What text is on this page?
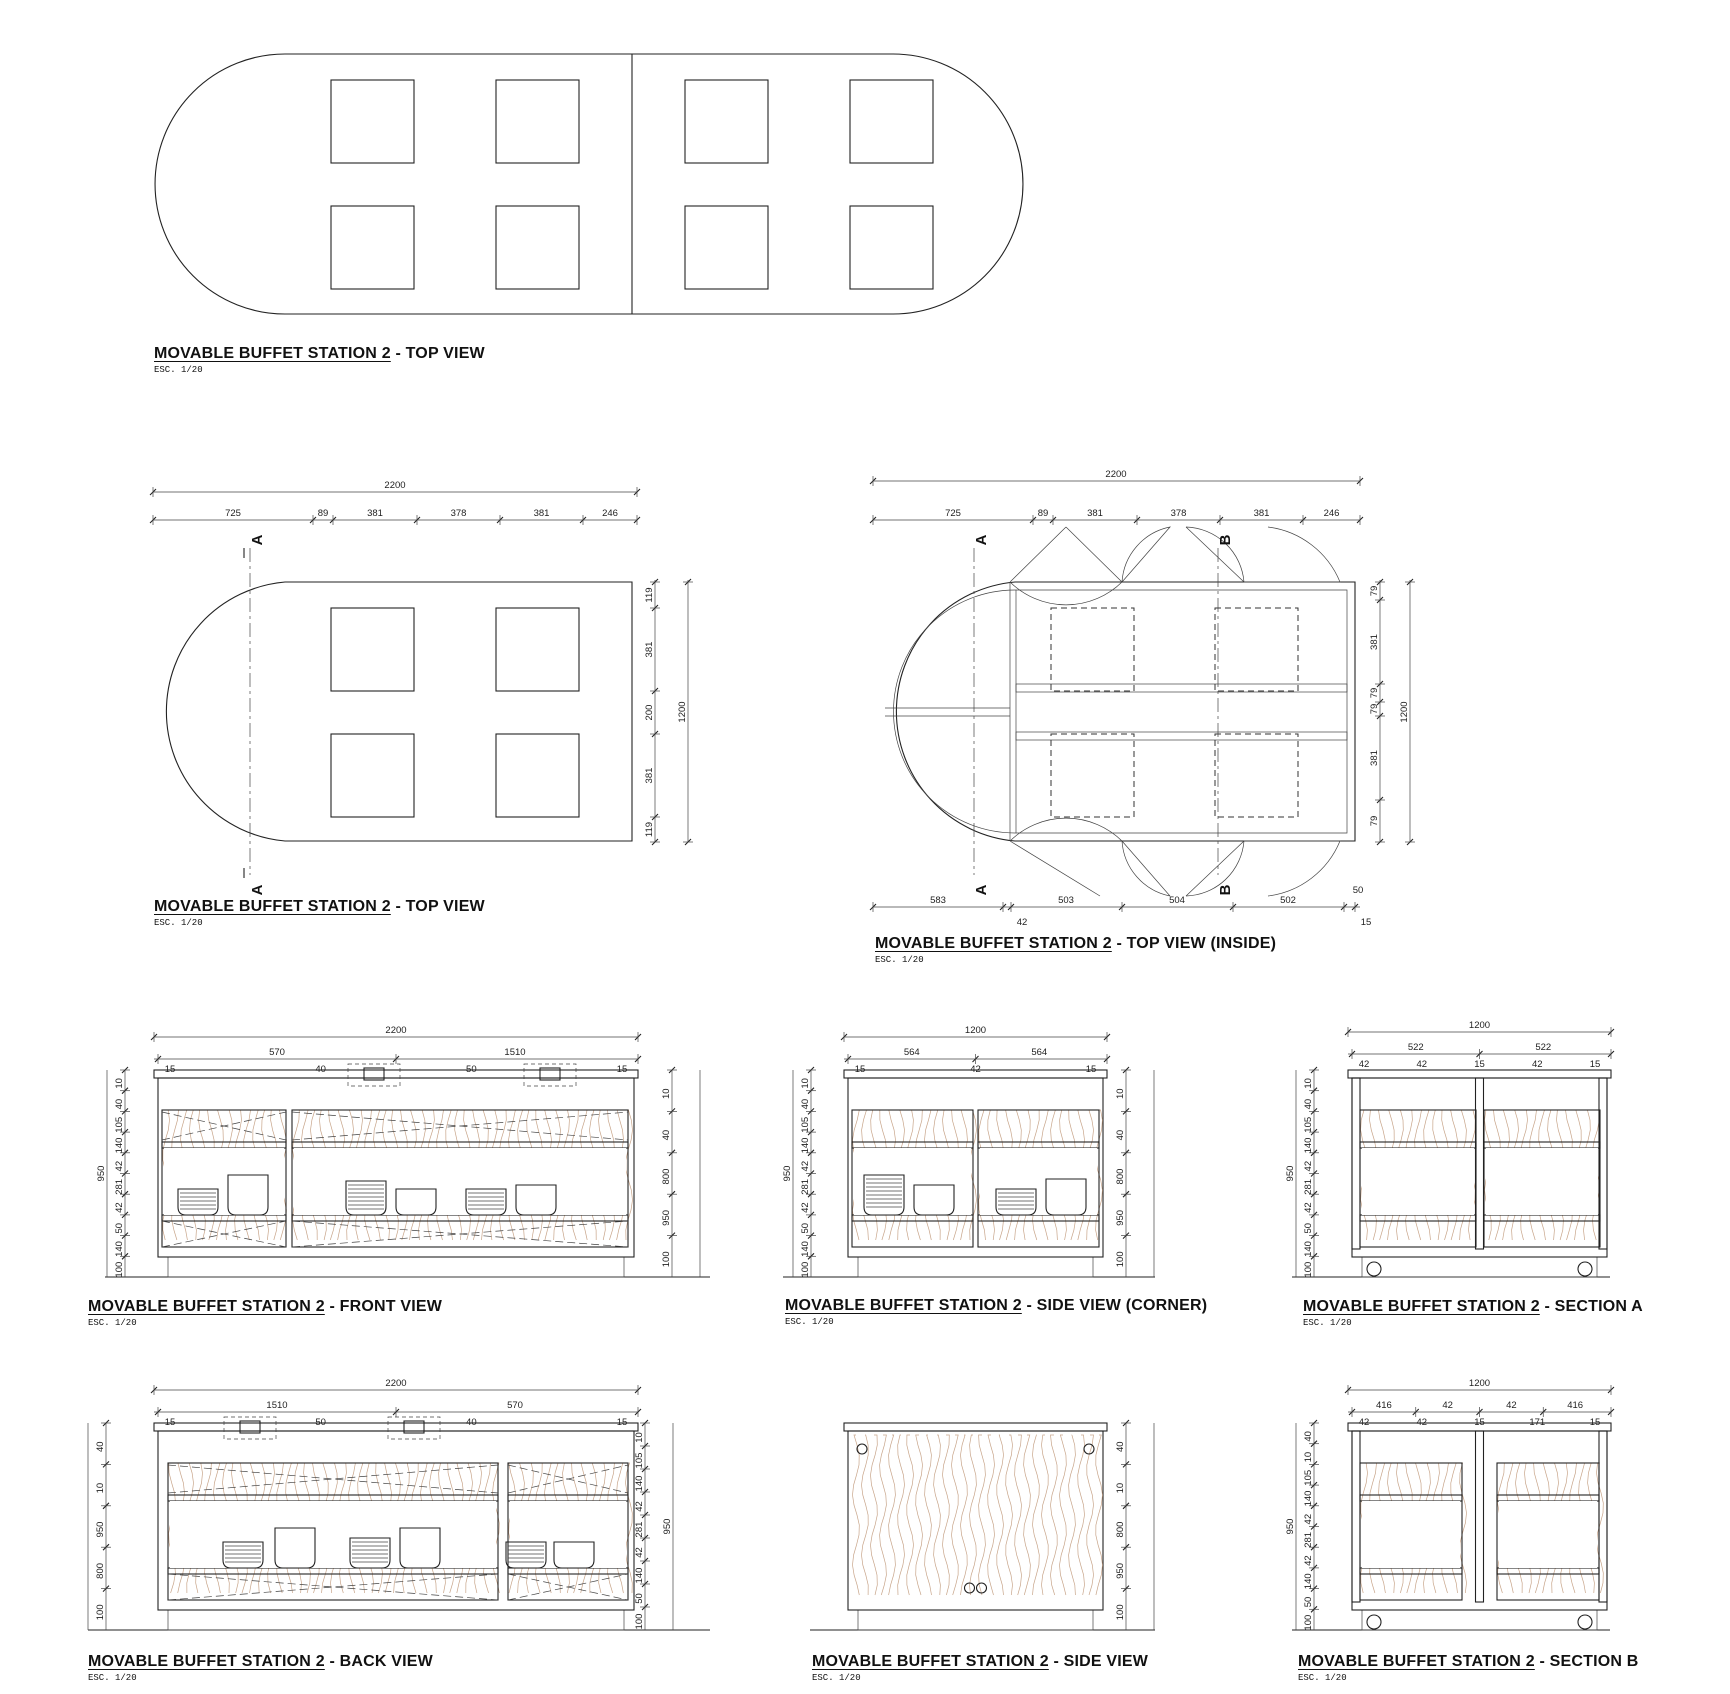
2200
725	89	381	378	381	246
A
A
119
381
200
381
119
1200
2200
725	89	381	378	381	246
583	503	504	502
50
42	15
A
A
B
B
79
381
79
79
381
79
1200
2200
570	1510
15	40	50	15
10
40
105
140
42
281
42
50
140
100
950
10
40
800
950
100
1200
564	564
15	42	15
10
40
105
140
42
281
42
50
140
100
950
10
40
800
950
100
1200
522	522
42	42	15	42	15
10
40
105
140
42
281
42
50
140
100
950
2200
1510	570
15	50	40	15
40
10
950
800
100
10
105
140
42
281
42
140
50
100
950
40
10
800
950
100
1200
416	42	42	416
42	42	15	171	15
40
10
105
140
42
281
42
140
50
100
950
MOVABLE BUFFET STATION 2 - TOP VIEW
ESC. 1/20
MOVABLE BUFFET STATION 2 - TOP VIEW
ESC. 1/20
MOVABLE BUFFET STATION 2 - TOP VIEW (INSIDE)
ESC. 1/20
MOVABLE BUFFET STATION 2 - FRONT VIEW
ESC. 1/20
MOVABLE BUFFET STATION 2 - SIDE VIEW (CORNER)
ESC. 1/20
MOVABLE BUFFET STATION 2 - SECTION A
ESC. 1/20
MOVABLE BUFFET STATION 2 - BACK VIEW
ESC. 1/20
MOVABLE BUFFET STATION 2 - SIDE VIEW
ESC. 1/20
MOVABLE BUFFET STATION 2 - SECTION B
ESC. 1/20
